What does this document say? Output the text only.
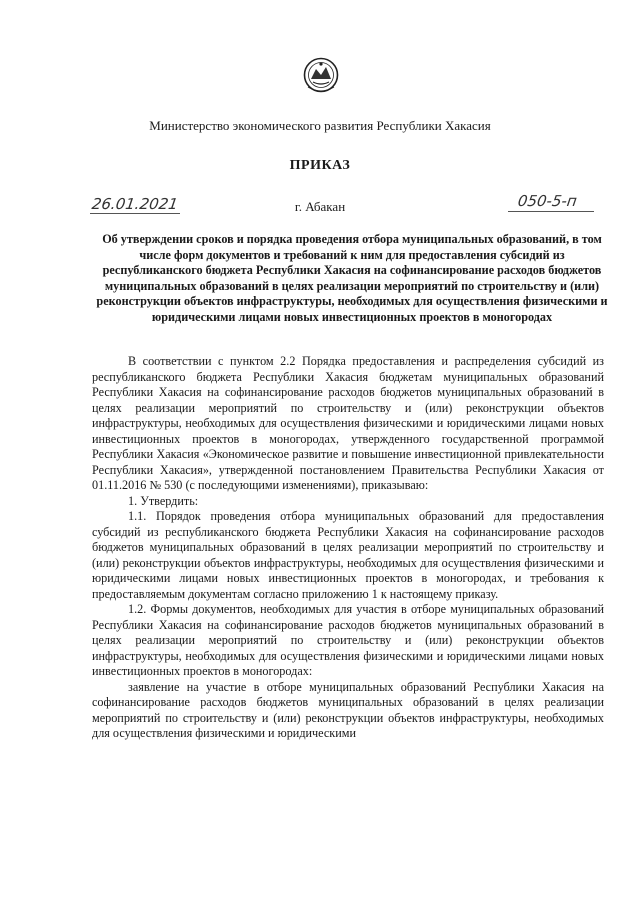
Министерство экономического развития Республики Хакасия
ПРИКАЗ
26.01.2021	г. Абакан	050-5-п

Об утверждении сроков и порядка проведения отбора муниципальных образований, в том числе форм документов и требований к ним для предоставления субсидий из республиканского бюджета Республики Хакасия на софинансирование расходов бюджетов муниципальных образований в целях реализации мероприятий по строительству и (или) реконструкции объектов инфраструктуры, необходимых для осуществления физическими и юридическими лицами новых инвестиционных проектов в моногородах

В соответствии с пунктом 2.2 Порядка предоставления и распределения субсидий из республиканского бюджета Республики Хакасия бюджетам муниципальных образований Республики Хакасия на софинансирование расходов бюджетов муниципальных образований в целях реализации мероприятий по строительству и (или) реконструкции объектов инфраструктуры, необходимых для осуществления физическими и юридическими лицами новых инвестиционных проектов в моногородах, утвержденного государственной программой Республики Хакасия «Экономическое развитие и повышение инвестиционной привлекательности Республики Хакасия», утвержденной постановлением Правительства Республики Хакасия от 01.11.2016 № 530 (с последующими изменениями), приказываю:

1. Утвердить:

1.1. Порядок проведения отбора муниципальных образований для предоставления субсидий из республиканского бюджета Республики Хакасия на софинансирование расходов бюджетов муниципальных образований в целях реализации мероприятий по строительству и (или) реконструкции объектов инфраструктуры, необходимых для осуществления физическими и юридическими лицами новых инвестиционных проектов в моногородах, и требования к предоставляемым документам согласно приложению 1 к настоящему приказу.

1.2. Формы документов, необходимых для участия в отборе муниципальных образований Республики Хакасия на софинансирование расходов бюджетов муниципальных образований в целях реализации мероприятий по строительству и (или) реконструкции объектов инфраструктуры, необходимых для осуществления физическими и юридическими лицами новых инвестиционных проектов в моногородах:

заявление на участие в отборе муниципальных образований Республики Хакасия на софинансирование расходов бюджетов муниципальных образований в целях реализации мероприятий по строительству и (или) реконструкции объектов инфраструктуры, необходимых для осуществления физическими и юридическими
